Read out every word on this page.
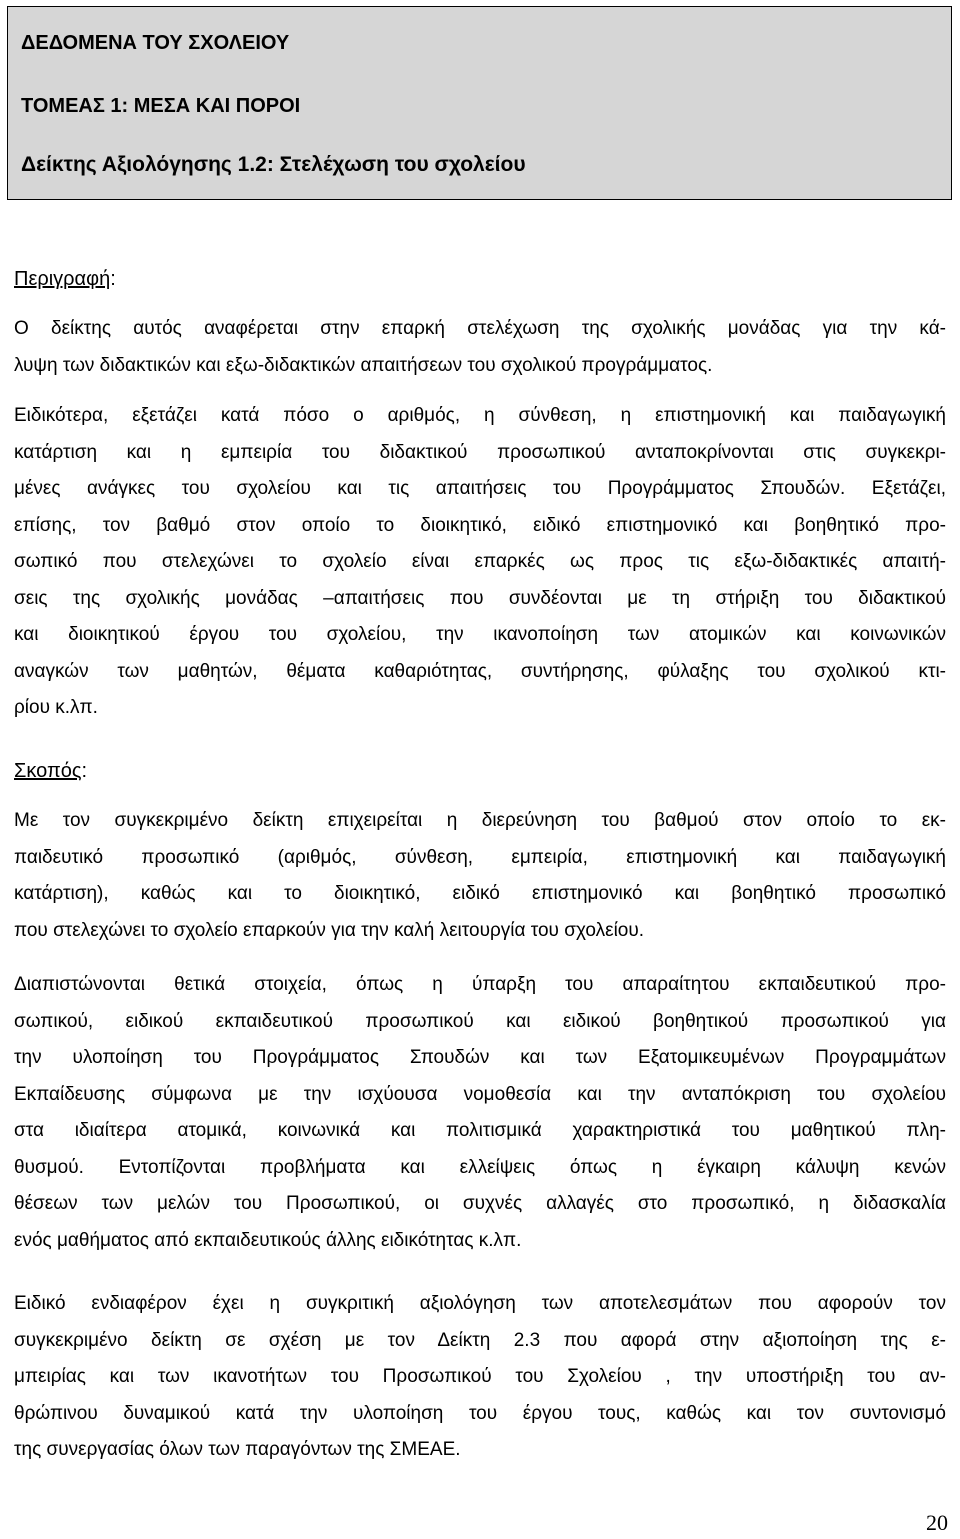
ΔΕΔΟΜΕΝΑ ΤΟΥ ΣΧΟΛΕΙΟΥ
ΤΟΜΕΑΣ 1: ΜΕΣΑ ΚΑΙ ΠΟΡΟΙ
Δείκτης Αξιολόγησης 1.2: Στελέχωση του σχολείου
Περιγραφή:

Ο δείκτης αυτός αναφέρεται στην επαρκή στελέχωση της σχολικής μονάδας για την κά-
λυψη των διδακτικών και εξω-διδακτικών απαιτήσεων του σχολικού προγράμματος.

Ειδικότερα, εξετάζει κατά πόσο ο αριθμός, η σύνθεση, η επιστημονική και παιδαγωγική
κατάρτιση και η εμπειρία του διδακτικού προσωπικού ανταποκρίνονται στις συγκεκρι-
μένες ανάγκες του σχολείου και τις απαιτήσεις του Προγράμματος Σπουδών. Εξετάζει,
επίσης, τον βαθμό στον οποίο το διοικητικό, ειδικό επιστημονικό και βοηθητικό προ-
σωπικό που στελεχώνει το σχολείο είναι επαρκές ως προς τις εξω-διδακτικές απαιτή-
σεις της σχολικής μονάδας –απαιτήσεις που συνδέονται με τη στήριξη του διδακτικού
και διοικητικού έργου του σχολείου, την ικανοποίηση των ατομικών και κοινωνικών
αναγκών των μαθητών, θέματα καθαριότητας, συντήρησης, φύλαξης του σχολικού κτι-
ρίου κ.λπ.

Σκοπός:

Με τον συγκεκριμένο δείκτη επιχειρείται η διερεύνηση του βαθμού στον οποίο το εκ-
παιδευτικό προσωπικό (αριθμός, σύνθεση, εμπειρία, επιστημονική και παιδαγωγική
κατάρτιση), καθώς και το διοικητικό, ειδικό επιστημονικό και βοηθητικό προσωπικό
που στελεχώνει το σχολείο επαρκούν για την καλή λειτουργία του σχολείου.

Διαπιστώνονται θετικά στοιχεία, όπως η ύπαρξη του απαραίτητου εκπαιδευτικού προ-
σωπικού, ειδικού εκπαιδευτικού προσωπικού και ειδικού βοηθητικού προσωπικού για
την υλοποίηση του Προγράμματος Σπουδών και των Εξατομικευμένων Προγραμμάτων
Εκπαίδευσης σύμφωνα με την ισχύουσα νομοθεσία και την ανταπόκριση του σχολείου
στα ιδιαίτερα ατομικά, κοινωνικά και πολιτισμικά χαρακτηριστικά του μαθητικού πλη-
θυσμού. Εντοπίζονται προβλήματα και ελλείψεις όπως η έγκαιρη κάλυψη κενών
θέσεων των μελών του Προσωπικού, οι συχνές αλλαγές στο προσωπικό, η διδασκαλία
ενός μαθήματος από εκπαιδευτικούς άλλης ειδικότητας κ.λπ.

Ειδικό ενδιαφέρον έχει η συγκριτική αξιολόγηση των αποτελεσμάτων που αφορούν τον
συγκεκριμένο δείκτη σε σχέση με τον Δείκτη 2.3 που αφορά στην αξιοποίηση της ε-
μπειρίας και των ικανοτήτων του Προσωπικού του Σχολείου , την υποστήριξη του αν-
θρώπινου δυναμικού κατά την υλοποίηση του έργου τους, καθώς και τον συντονισμό
της συνεργασίας όλων των παραγόντων της ΣΜΕΑΕ.

20
